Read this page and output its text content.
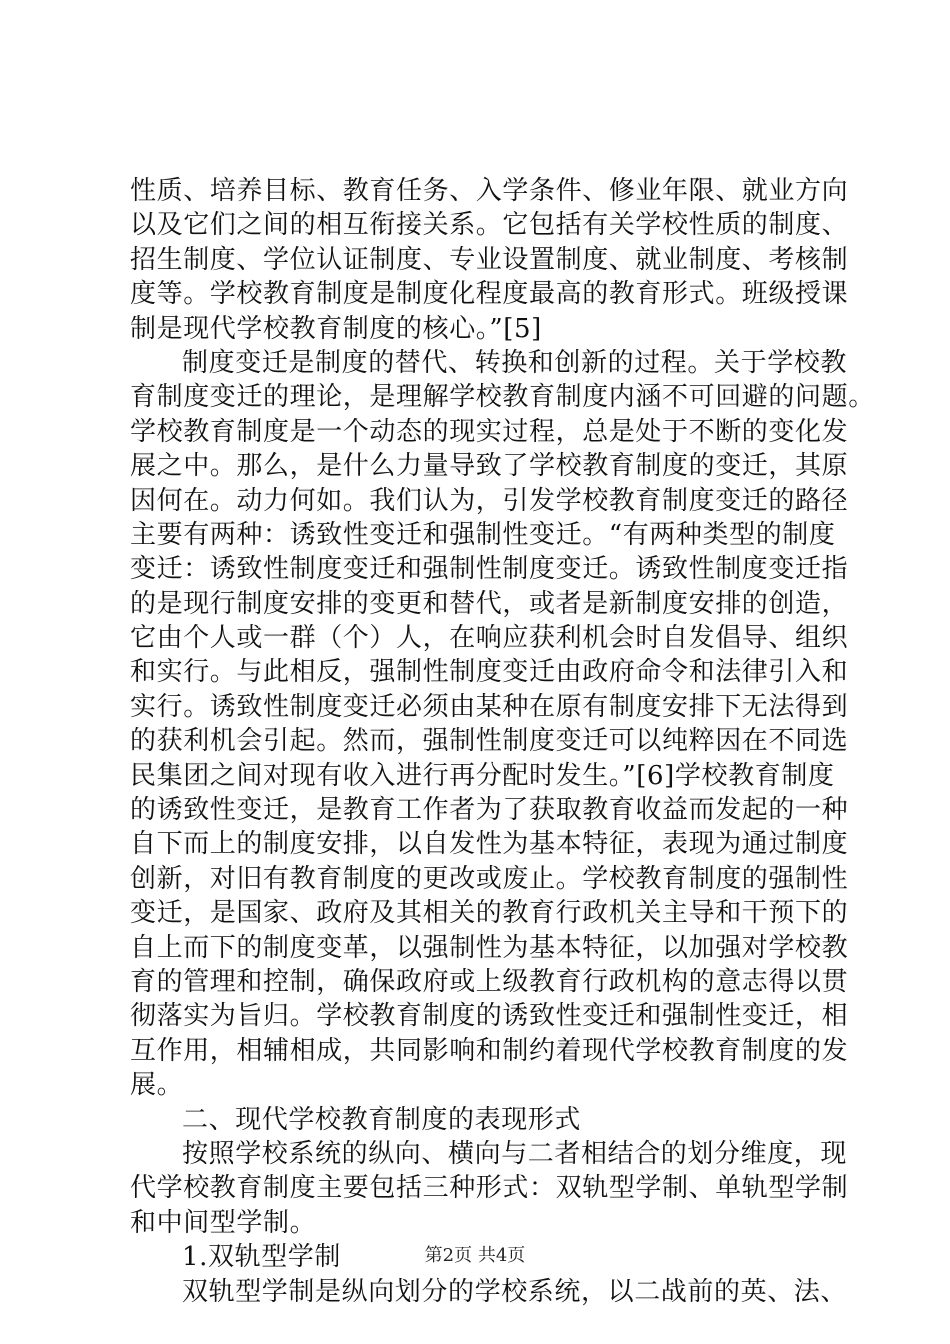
性质、培养目标、教育任务、入学条件、修业年限、就业方向
以及它们之间的相互衔接关系。它包括有关学校性质的制度、
招生制度、学位认证制度、专业设置制度、就业制度、考核制
度等。学校教育制度是制度化程度最高的教育形式。班级授课
制是现代学校教育制度的核心。”[5]
制度变迁是制度的替代、转换和创新的过程。关于学校教
育制度变迁的理论，是理解学校教育制度内涵不可回避的问题。
学校教育制度是一个动态的现实过程，总是处于不断的变化发
展之中。那么，是什么力量导致了学校教育制度的变迁，其原
因何在。动力何如。我们认为，引发学校教育制度变迁的路径
主要有两种：诱致性变迁和强制性变迁。“有两种类型的制度
变迁：诱致性制度变迁和强制性制度变迁。诱致性制度变迁指
的是现行制度安排的变更和替代，或者是新制度安排的创造，
它由个人或一群（个）人，在响应获利机会时自发倡导、组织
和实行。与此相反，强制性制度变迁由政府命令和法律引入和
实行。诱致性制度变迁必须由某种在原有制度安排下无法得到
的获利机会引起。然而，强制性制度变迁可以纯粹因在不同选
民集团之间对现有收入进行再分配时发生。”[6]学校教育制度
的诱致性变迁，是教育工作者为了获取教育收益而发起的一种
自下而上的制度安排，以自发性为基本特征，表现为通过制度
创新，对旧有教育制度的更改或废止。学校教育制度的强制性
变迁，是国家、政府及其相关的教育行政机关主导和干预下的
自上而下的制度变革，以强制性为基本特征，以加强对学校教
育的管理和控制，确保政府或上级教育行政机构的意志得以贯
彻落实为旨归。学校教育制度的诱致性变迁和强制性变迁，相
互作用，相辅相成，共同影响和制约着现代学校教育制度的发
展。
二、现代学校教育制度的表现形式
按照学校系统的纵向、横向与二者相结合的划分维度，现
代学校教育制度主要包括三种形式：双轨型学制、单轨型学制
和中间型学制。
1.双轨型学制
双轨型学制是纵向划分的学校系统，以二战前的英、法、
第2页 共4页
